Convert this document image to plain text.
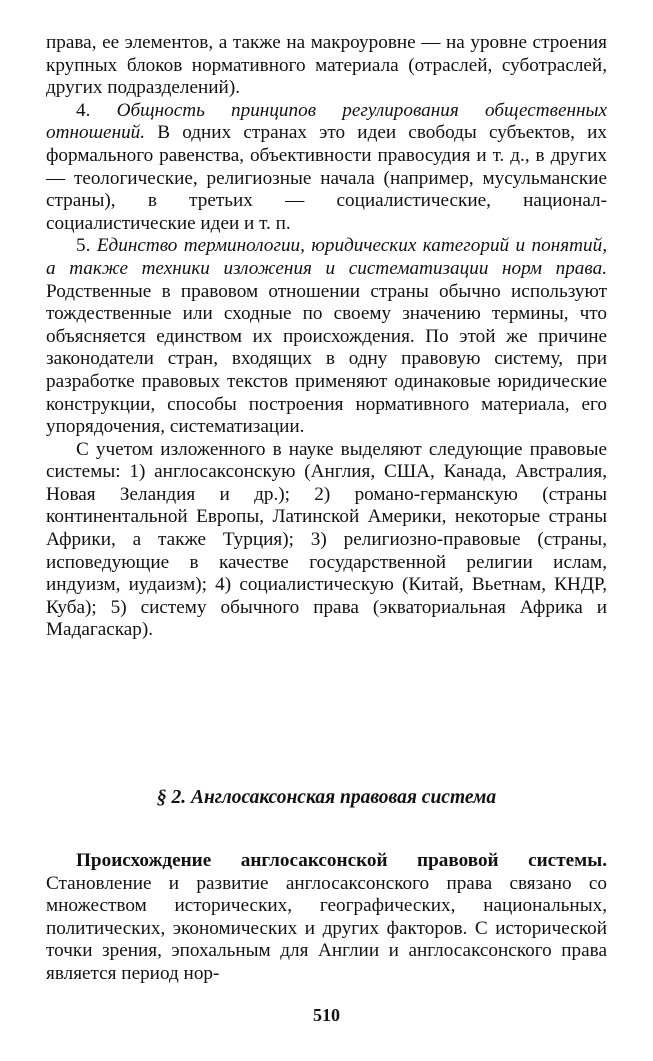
права, ее элементов, а также на макроуровне — на уровне строения крупных блоков нормативного материала (отраслей, суботраслей, других подразделений).

4. Общность принципов регулирования общественных отношений. В одних странах это идеи свободы субъектов, их формального равенства, объективности правосудия и т. д., в других — теологические, религиозные начала (например, мусульманские страны), в третьих — социалистические, национал-социалистические идеи и т. п.

5. Единство терминологии, юридических категорий и понятий, а также техники изложения и систематизации норм права. Родственные в правовом отношении страны обычно используют тождественные или сходные по своему значению термины, что объясняется единством их происхождения. По этой же причине законодатели стран, входящих в одну правовую систему, при разработке правовых текстов применяют одинаковые юридические конструкции, способы построения нормативного материала, его упорядочения, систематизации.

С учетом изложенного в науке выделяют следующие правовые системы: 1) англосаксонскую (Англия, США, Канада, Австралия, Новая Зеландия и др.); 2) романо-германскую (страны континентальной Европы, Латинской Америки, некоторые страны Африки, а также Турция); 3) религиозно-правовые (страны, исповедующие в качестве государственной религии ислам, индуизм, иудаизм); 4) социалистическую (Китай, Вьетнам, КНДР, Куба); 5) систему обычного права (экваториальная Африка и Мадагаскар).

§ 2. Англосаксонская правовая система

Происхождение англосаксонской правовой системы. Становление и развитие англосаксонского права связано со множеством исторических, географических, национальных, политических, экономических и других факторов. С исторической точки зрения, эпохальным для Англии и англосаксонского права является период нор-

510
